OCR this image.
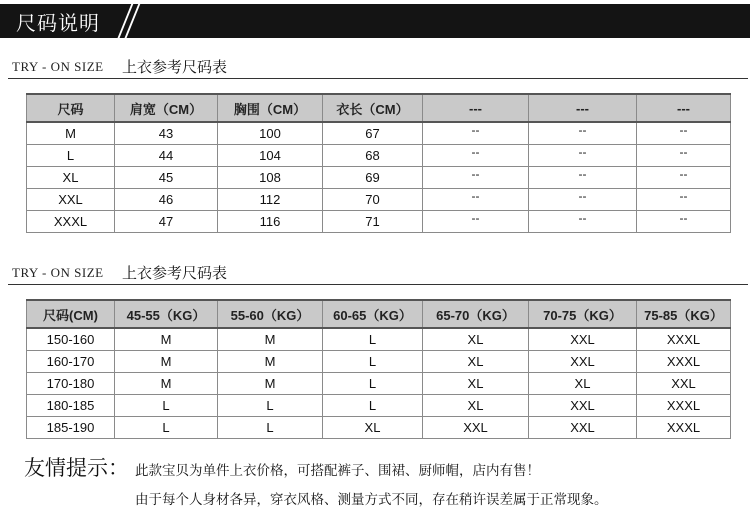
尺码说明
TRY - ON SIZE 上衣参考尺码表
尺码	肩宽（CM）	胸围（CM）	衣长（CM）	---	---	---
M	43	100	67	--	--	--
L	44	104	68	--	--	--
XL	45	108	69	--	--	--
XXL	46	112	70	--	--	--
XXXL	47	116	71	--	--	--
TRY - ON SIZE 上衣参考尺码表
尺码(CM)	45-55（KG）	55-60（KG）	60-65（KG）	65-70（KG）	70-75（KG）	75-85（KG）
150-160	M	M	L	XL	XXL	XXXL
160-170	M	M	L	XL	XXL	XXXL
170-180	M	M	L	XL	XL	XXL
180-185	L	L	L	XL	XXL	XXXL
185-190	L	L	XL	XXL	XXL	XXXL
友情提示： 此款宝贝为单件上衣价格，可搭配裤子、围裙、厨师帽，店内有售！
由于每个人身材各异，穿衣风格、测量方式不同，存在稍许误差属于正常现象。
